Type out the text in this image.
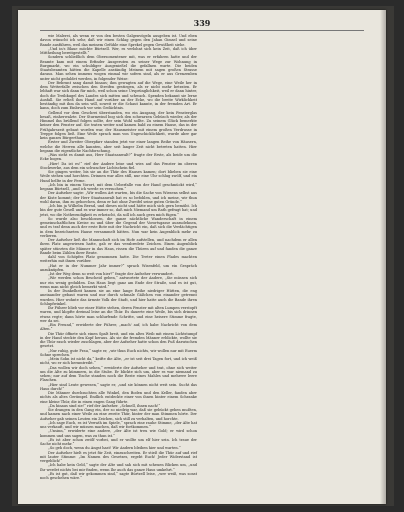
339

wie Malerei, als wenn er von den besten Galgenvögeln ausgeben ist. Und eben davon wünscht ich sehr, daß wir einen Schlag gegen den Jahan Gimsel und seine Bande ausführen, weil das meinem Gefühle eine Sprekel gegen Gewißheit siehe.

„Und in's Blaue möchte Bürtzell. Wer, es verlohnt sich kein Zeit, daß ich über Mittheilung bereitgestellt.“

Sondern schließlich dem Obersomentener mit, was er erfahren hatte und der Beamte kam mit einem Erfinder Ausgeruten zu seiner Wege zur Wohnung in Burgmarkt, wo ein schuldiger Ausgenießel die gefallnen warte. Die beiden Staatsbeamten hätten die Kapelle anständig Meinem mit sagen großen Strasse daraus. Man sehen immens wogen einmal wir sofern sind, als er aus Grenzenben unter nicht geduldet werden, in folgender Weise:

Der Bebrunt sang damit hinaus; ihm gewagten auf die Wege, eine Weile her in dem Wetterfalle zwischen den Streifen gestiegen, als er nicht mehr betraten. Er lebhaft war sich dann für mich, weil schon seine Ursprünglichkeit, weil er dann hinter, doch die Treibkugel des Landes sich mitten und schwach. Spenden bekannt sie lerne Ausfall. Sie erließ ihm Hand auf vorüber an der Ecke, wo die breite Wirklichkeit beständig mit ihm da sein will, soweit er die Schaut kannte, in der fremden Art. Er kann, doch zum Einbruch vor sein Gedächtnis.

Gellend vor dem Geschrei überstanden, wo ein Ausgang, der kein Fensterglas besaß, einherwalzte. Der Sturmwind bog sich den schwarzen Gebüsch wieder, als der Himmel ihn brüllend folgen sollte, der sein Wohl sollte. Zu seinem Glück bemerkte keiner den Fenster auf. Sie traten weiter und kamen bald zu einem Hause, das in der Frühjahrszeit gebaut worden war, der Hausmeister mit einem großen Verdrusse in Treppe folgen ließ. Eine Weile sprach man von Ungeschicklichkeit, wurde aber gar kein ganzes Bürgerthum.

Erster und Zweiter Oberpfarr standen jetzt vor einer langen Reihe von Häusern, welche die Herren alle kannten, aber seit langer Zeit nicht betreten hatten. Hier begann die eigentliche Nachforschung.

„Was sieht es damit aus, Herr Staatsanwalt?“ fragte der Erste, als beide um die Ecke bogen.

„Hier! Da ist es!“ rief der Andere leise und wies auf das Fenster im oberen Stockwerke, aus dem ein schwacher Lichtschein fiel.

Sie gingen weiter, bis sie an die Thür des Hauses kamen; dort blieben sie eine Weile stehen und horchten. Drinnen war alles still, nur eine Uhr schlug zwölf, und ein Hund bellte in der Ferne.

„Ich bin in einem Vorort, mit dem Ueberfalle von der Hand geschmückt wird,“ begann Bürtzell, „und ich werde es versuchen.“

Der Aufseher sagte: „Wir wollen Art warten, bis die Sache von Wiesens selbst aus der Kiste kommt; der Herr Staatsanwalt hat es so befohlen, und ich meine, wir thun wohl daran, ihm zu gehorchen, denn er hat ohne Zweifel seine guten Gründe.“

„Ich bin ja Wilhelm Bernd, und dieses nicht und hätte mich sich gern bemüht. Ich bin der gute Gesell und es war immer so, daß mich Niemand um Rath gefragt hat; und jetzt, wo die Nothwendigkeit es erheischt, da soll ich auch gern mich fügen.“

So wurde also beschlossen, die ganze nächtliche Wanderschaft in einem gemeinschaftlichen Kreise zu und über die Gegend der Vorortsgasse auszudehnen, und es traf denn auch der erste Bote mit der Nachricht ein, daß sich die Verdächtigen in dem bezeichneten Hause versammelt hätten. Nun war kein Augenblick mehr zu verlieren.

Der Aufseher ließ die Mannschaft sich im Hofe aufstellen, und nachdem er allen ihren Platz angewiesen hatte, gab er das verabredete Zeichen. Einen Augenblick später stürzten die Männer in das Haus, rissen die Thüren auf und fanden die ganze Bande beim Zählen ihrer Beute.

dahl von Schöpfes Platz genommen hatte. Die Treter einen Plades machten weiterhin mit ihnen vorüber.

„Hat er in der Nummer Jahr immer?“ sprach Wisenfeld, um ein Gespräch anzuknüpfen.

„Ist der Weg denn so weit von hier?“ fragte der Aufseher verwundert.

„Wir werden schon Bescheid geben,“ antwortete der Andere, „Sie müssen sich nur ein wenig gedulden. Das Haus liegt ganz am Ende der Straße, und es ist gut, wenn man nicht gleich bemerkt wird.“

In der Dunkelheit kamen sie an eine lange Reihe niedriger Hütten, die eng aneinander gebaut waren und nur durch schmale Gäßchen von einander getrennt wurden. Hier wohnte das ärmste Volk der Stadt, und hier hatte auch die Bande ihren Schlupfwinkel.

Ihr Führer blieb vor einer Hütte stehen, deren Fenster mit alten Lumpen verstopft waren, und klopfte dreimal leise an die Thür. Es dauerte eine Weile, bis sich drinnen etwas regte; dann hörte man schlurfende Schritte, und eine heisere Stimme fragte, wer da sei.

„Ein Freund,“ erwiderte der Führer, „mach' auf, ich habe Nachricht von dem Alten.“

Die Thür öffnete sich einen Spalt breit, und ein altes Weib mit einem Lichtstumpf in der Hand steckte den Kopf heraus. Als sie die fremden Männer erblickte, wollte sie die Thür rasch wieder zuschlagen, aber der Aufseher hatte schon den Fuß dazwischen gesetzt.

„Nur ruhig, gute Frau,“ sagte er, „wir thun Euch nichts, wir wollen nur mit Euerm Sohne sprechen.“

„Mein Sohn ist nicht da,“ keifte die Alte, „er ist seit drei Tagen fort, und ich weiß nicht, wo er sich herumtreibt.“

„Das wollen wir doch sehen,“ erwiderte der Aufseher und trat, ohne sich weiter um die Alte zu kümmern, in die Stube. Er blickte sich um, aber es war niemand zu sehen; nur auf dem Tische standen noch die Reste eines Mahles und mehrere leere Flaschen.

„Hier sind Leute gewesen,“ sagte er, „und sie können nicht weit sein. Sucht das Haus durch!“

Die Männer durchsuchten alle Winkel, den Boden und den Keller, fanden aber nichts als altes Gerümpel. Endlich entdeckte einer von ihnen hinter einem Schranke eine kleine Thür, die in einen engen Gang führte.

„Da hinaus sind sie!“ rief der Aufseher. „Schnell, ihnen nach!“

Sie drangen in den Gang ein, der so niedrig war, daß sie gebückt gehen mußten, und kamen nach einer Weile an eine zweite Thür, hinter der man Stimmen hörte. Der Aufseher gab seinen Leuten ein Zeichen, sich still zu verhalten, und horchte.

„Ich sage Euch, es ist Verrath im Spiele,“ sprach eine rauhe Stimme, „der Alte hat uns verkauft, und wir müssen machen, daß wir fortkommen.“

„Unsinn,“ erwiderte eine andere, „der Alte ist treu wie Gold; er wird schon kommen und uns sagen, was zu thun ist.“

„Es ist aber schon zwölf vorbei, und er wollte um elf hier sein. Ich traue der Sache nicht mehr.“

„So geh doch, wenn du Angst hast! Wir Andern bleiben hier und warten.“

Der Aufseher hielt es jetzt für Zeit, einzuschreiten. Er stieß die Thür auf und rief mit lauter Stimme: „Im Namen des Gesetzes, ergebt Euch! Jeder Widerstand ist vergeblich!“

„Ich habe kein Geld,“ sagte der Alte und sah sich mit scheuen Blicken um, „und Ihr werdet nichts bei mir finden, wenn Ihr auch das ganze Haus umkehrt.“

„Es ist gut, daß wir gekommen sind,“ sagte Bürtzell leise, „wer weiß, was sonst noch geschehen wäre.“
